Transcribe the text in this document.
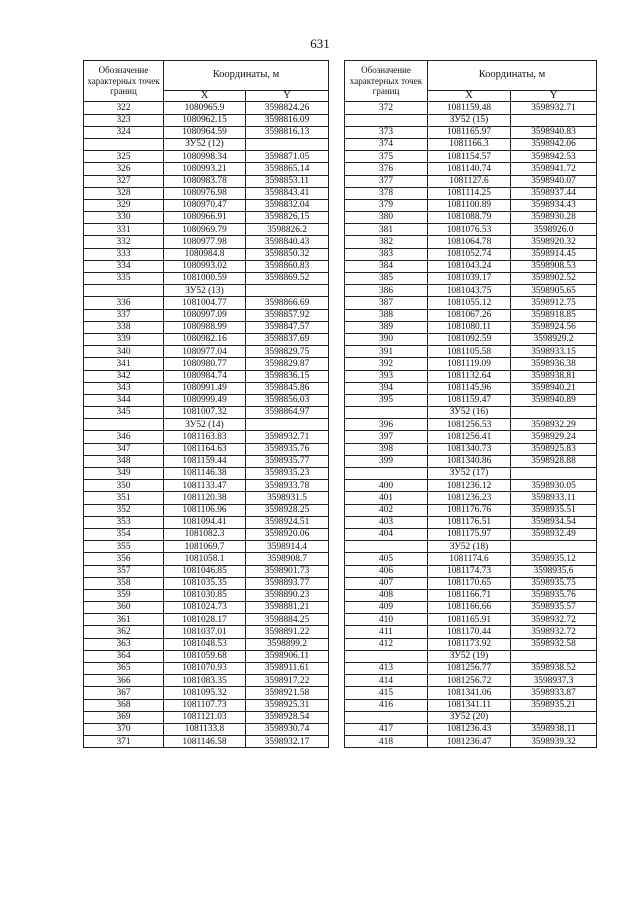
631
Обозначение характерных точек границ	Координаты, м	
	X	Y
322	1080965.9	3598824.26
323	1080962.15	3598816.09
324	1080964.59	3598816.13
	ЗУ52 (12)	
325	1080998.34	3598871.05
326	1080993.21	3598865.14
327	1080983.78	3598853.11
328	1080976.98	3598843.41
329	1080970.47	3598832.04
330	1080966.91	3598826.15
331	1080969.79	3598826.2
332	1080977.98	3598840.43
333	1080984.8	3598850.32
334	1080993.02	3598860.83
335	1081000.59	3598869.52
	ЗУ52 (13)	
336	1081004.77	3598866.69
337	1080997.09	3598857.92
338	1080988.99	3598847.57
339	1080982.16	3598837.69
340	1080977.04	3598829.75
341	1080980.77	3598829.87
342	1080984.74	3598836.15
343	1080991.49	3598845.86
344	1080999.49	3598856.03
345	1081007.32	3598864.97
	ЗУ52 (14)	
346	1081163.83	3598932.71
347	1081164.63	3598935.76
348	1081159.44	3598935.77
349	1081146.38	3598935.23
350	1081133.47	3598933.78
351	1081120.38	3598931.5
352	1081106.96	3598928.25
353	1081094.41	3598924.51
354	1081082.3	3598920.06
355	1081069.7	3598914.4
356	1081058.1	3598908.7
357	1081046.85	3598901.73
358	1081035.35	3598893.77
359	1081030.85	3598890.23
360	1081024.73	3598881.21
361	1081028.17	3598884.25
362	1081037.01	3598891.22
363	1081048.53	3598899.2
364	1081059.68	3598906.11
365	1081070.93	3598911.61
366	1081083.35	3598917.22
367	1081095.32	3598921.58
368	1081107.73	3598925.31
369	1081121.03	3598928.54
370	1081133.8	3598930.74
371	1081146.58	3598932.17
Обозначение характерных точек границ	Координаты, м	
	X	Y
372	1081159.48	3598932.71
	ЗУ52 (15)	
373	1081165.97	3598940.83
374	1081166.3	3598942.06
375	1081154.57	3598942.53
376	1081140.74	3598941.72
377	1081127.6	3598940.07
378	1081114.25	3598937.44
379	1081100.89	3598934.43
380	1081088.79	3598930.28
381	1081076.53	3598926.0
382	1081064.78	3598920.32
383	1081052.74	3598914.45
384	1081043.24	3598908.53
385	1081039.17	3598902.52
386	1081043.75	3598905.65
387	1081055.12	3598912.75
388	1081067.26	3598918.85
389	1081080.11	3598924.56
390	1081092.59	3598929.2
391	1081105.58	3598933.15
392	1081119.09	3598936.38
393	1081132.64	3598938.81
394	1081145.96	3598940.21
395	1081159.47	3598940.89
	ЗУ52 (16)	
396	1081256.53	3598932.29
397	1081256.41	3598929.24
398	1081340.73	3598925.83
399	1081340.86	3598928.88
	ЗУ52 (17)	
400	1081236.12	3598930.05
401	1081236.23	3598933.11
402	1081176.76	3598935.51
403	1081176.51	3598934.54
404	1081175.97	3598932.49
	ЗУ52 (18)	
405	1081174.6	3598935.12
406	1081174.73	3598935.6
407	1081170.65	3598935.75
408	1081166.71	3598935.76
409	1081166.66	3598935.57
410	1081165.91	3598932.72
411	1081170.44	3598932.72
412	1081173.92	3598932.58
	ЗУ52 (19)	
413	1081256.77	3598938.52
414	1081256.72	3598937.3
415	1081341.06	3598933.87
416	1081341.11	3598935.21
	ЗУ52 (20)	
417	1081236.43	3598938.11
418	1081236.47	3598939.32
